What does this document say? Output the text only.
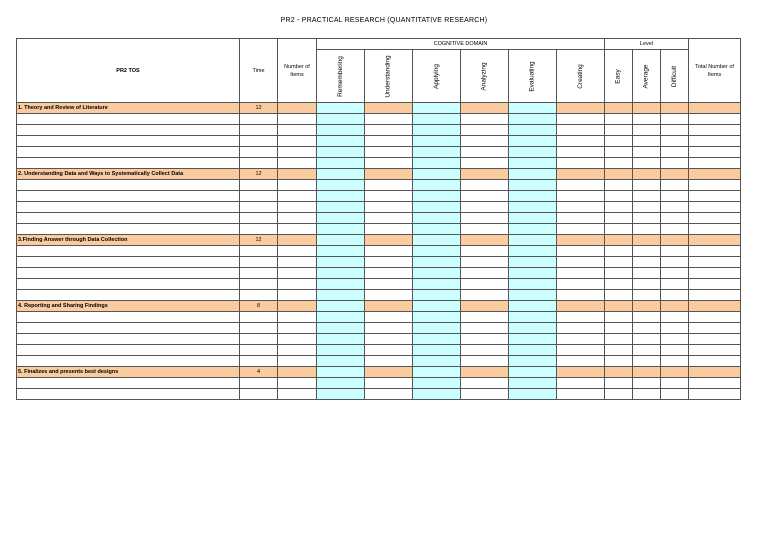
PR2 - PRACTICAL RESEARCH (QUANTITATIVE RESEARCH)
PR2 TOS	Time	Number of Items	COGNITIVE DOMAIN						Level			Total Number of Items
			Remembering	Understanding	Applying	Analyzing	Evaluating	Creating	Easy	Average	Difficult	
1. Theory and Review of Literature	12											

2. Understanding Data and Ways to Systematically Collect Data	12											

3.Finding Answer through Data Collection	12											

4. Reporting and Sharing Findings	8											

5. Finalizes and presents best designs	4											
